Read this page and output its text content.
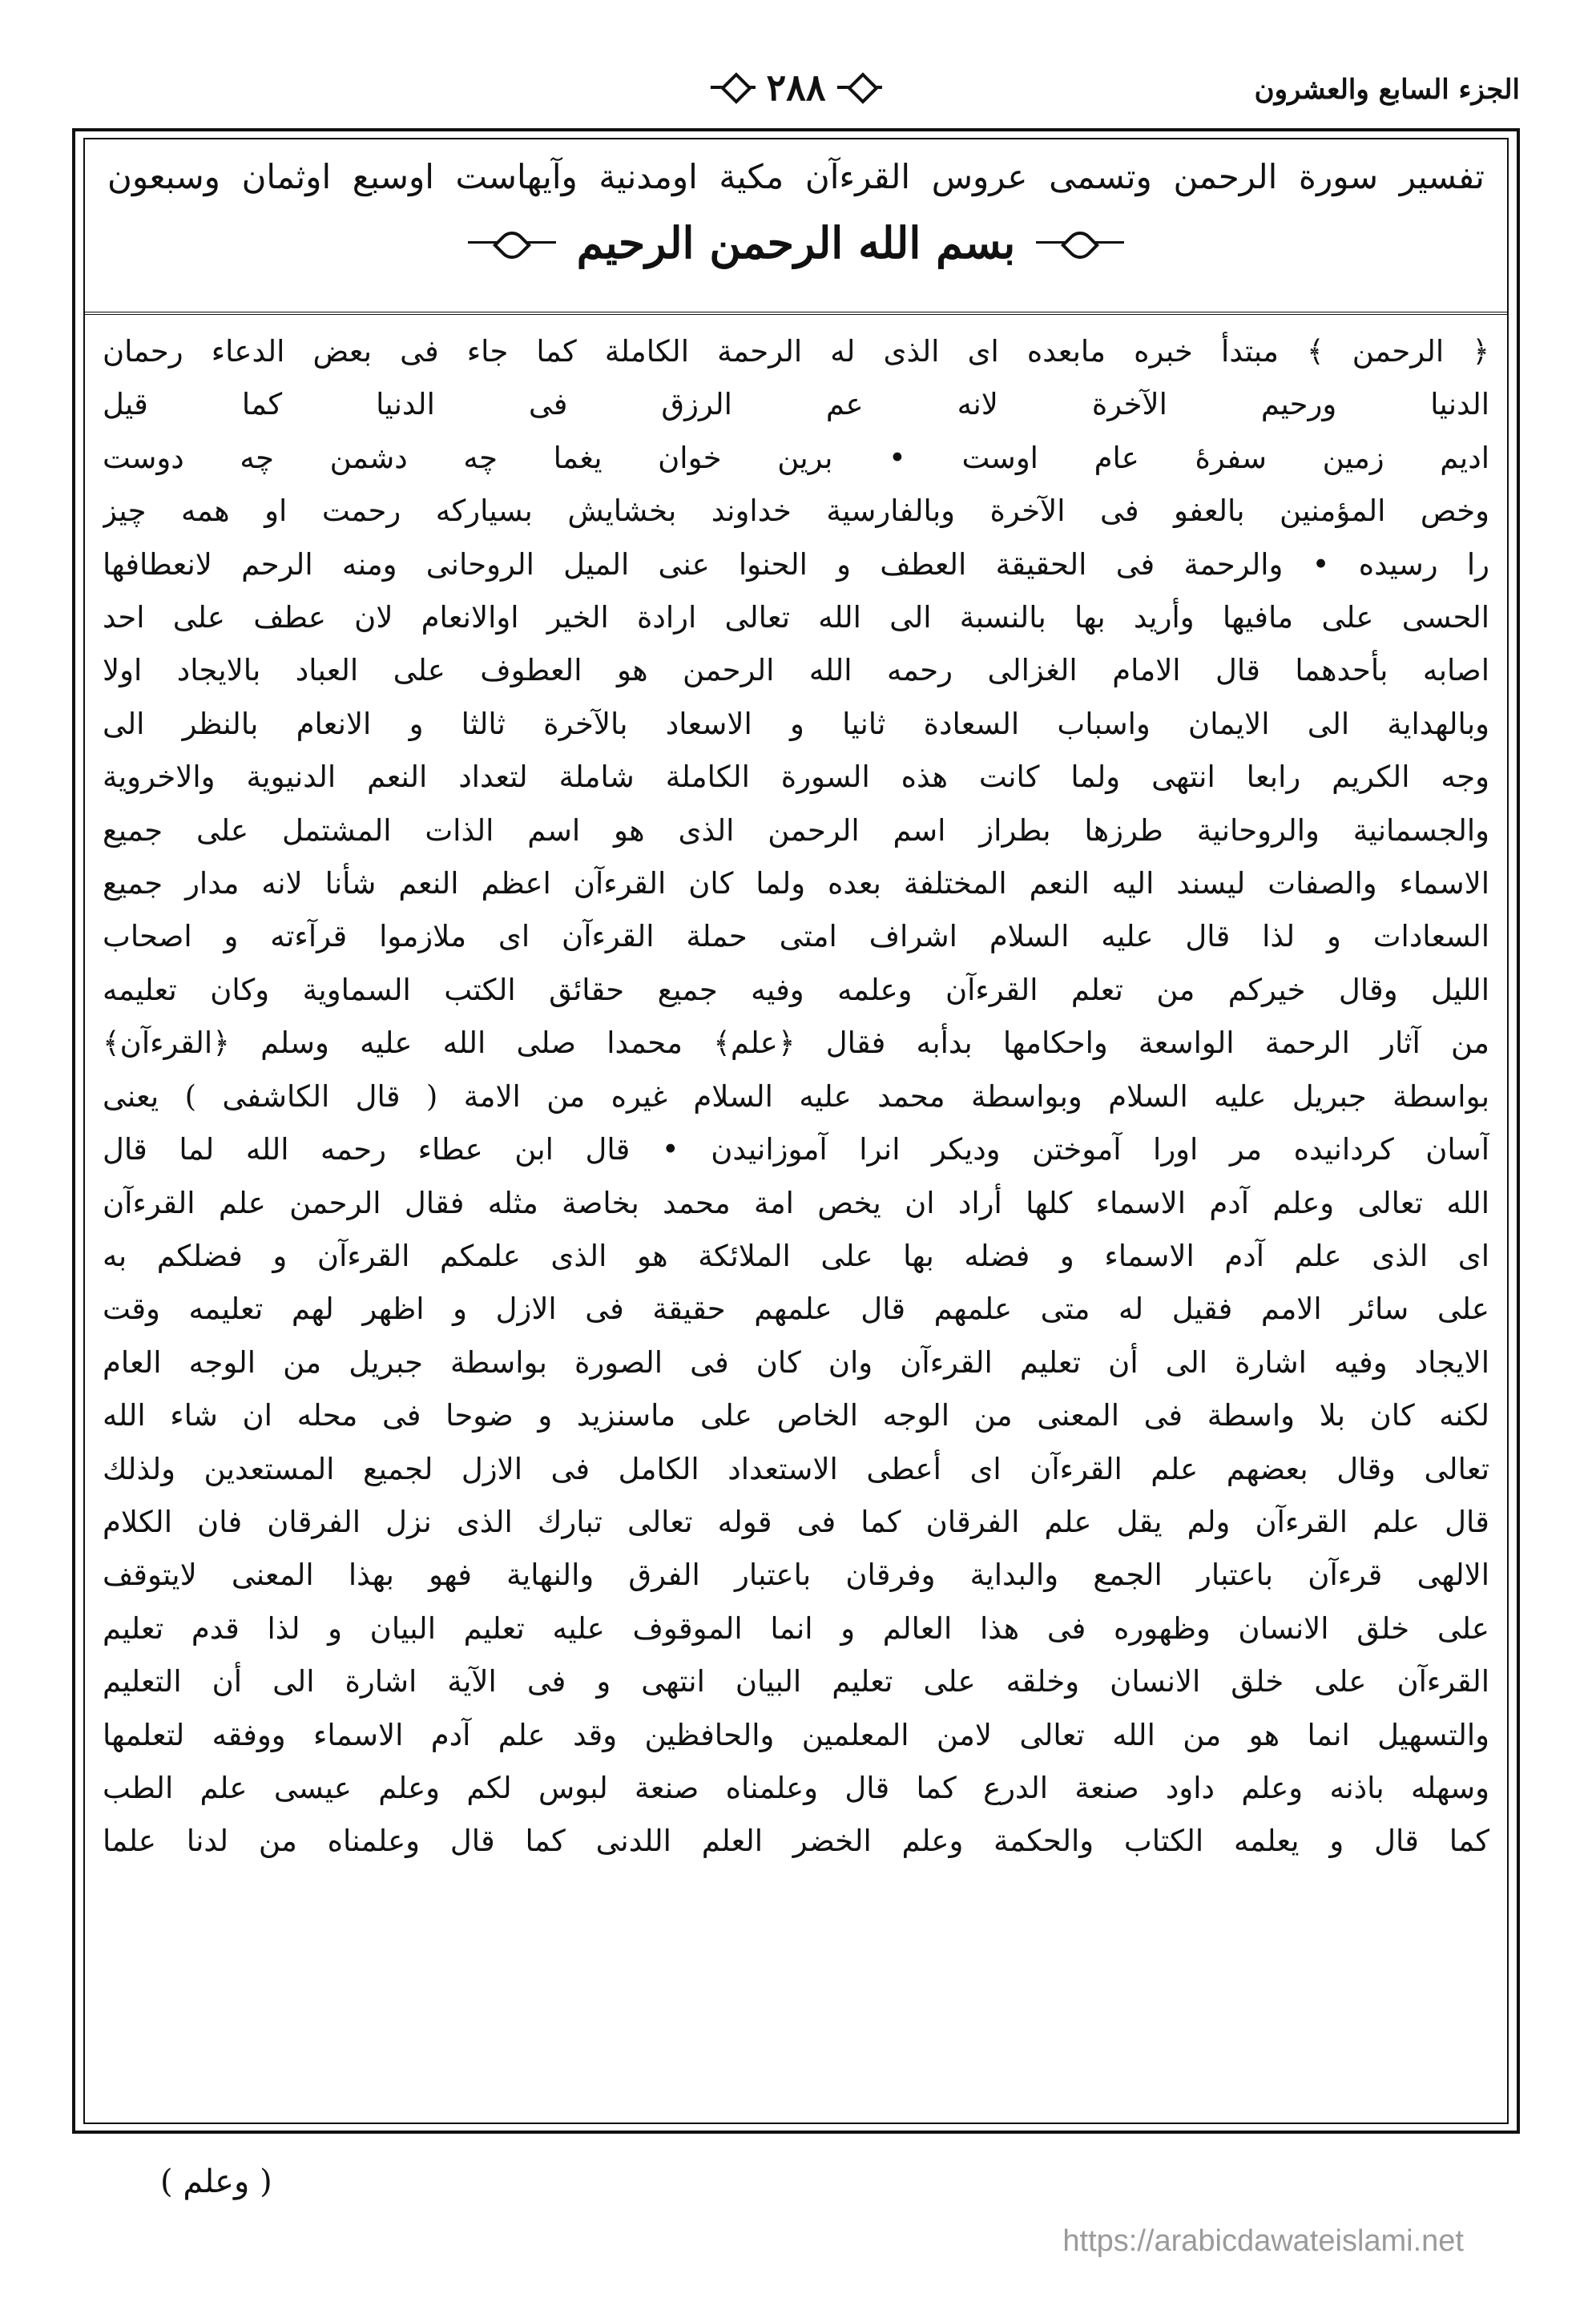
الجزء السابع والعشرون
٢٨٨
تفسير سورة الرحمن وتسمى عروس القرءآن مكية اومدنية وآيهاست اوسبع اوثمان وسبعون
بسم الله الرحمن الرحيم
﴿ الرحمن ﴾ مبتدأ خبره مابعده اى الذى له الرحمة الكاملة كما جاء فى بعض الدعاء رحمان
الدنيا ورحيم الآخرة لانه عم الرزق فى الدنيا كما قيل
اديم زمين سفرهٔ عام اوست • برين خوان يغما چه دشمن چه دوست
وخص المؤمنين بالعفو فى الآخرة وبالفارسية خداوند بخشايش بسياركه رحمت او همه چيز
را رسيده • والرحمة فى الحقيقة العطف و الحنوا عنى الميل الروحانى ومنه الرحم لانعطافها
الحسى على مافيها وأريد بها بالنسبة الى الله تعالى ارادة الخير اوالانعام لان عطف على احد
اصابه بأحدهما قال الامام الغزالى رحمه الله الرحمن هو العطوف على العباد بالايجاد اولا
وبالهداية الى الايمان واسباب السعادة ثانيا و الاسعاد بالآخرة ثالثا و الانعام بالنظر الى
وجه الكريم رابعا انتهى ولما كانت هذه السورة الكاملة شاملة لتعداد النعم الدنيوية والاخروية
والجسمانية والروحانية طرزها بطراز اسم الرحمن الذى هو اسم الذات المشتمل على جميع
الاسماء والصفات ليسند اليه النعم المختلفة بعده ولما كان القرءآن اعظم النعم شأنا لانه مدار جميع
السعادات و لذا قال عليه السلام اشراف امتى حملة القرءآن اى ملازموا قرآءته و اصحاب
الليل وقال خيركم من تعلم القرءآن وعلمه وفيه جميع حقائق الكتب السماوية وكان تعليمه
من آثار الرحمة الواسعة واحكامها بدأبه فقال ﴿علم﴾ محمدا صلى الله عليه وسلم ﴿القرءآن﴾
بواسطة جبريل عليه السلام وبواسطة محمد عليه السلام غيره من الامة ( قال الكاشفى ) يعنى
آسان كردانيده مر اورا آموختن وديكر انرا آموزانيدن • قال ابن عطاء رحمه الله لما قال
الله تعالى وعلم آدم الاسماء كلها أراد ان يخص امة محمد بخاصة مثله فقال الرحمن علم القرءآن
اى الذى علم آدم الاسماء و فضله بها على الملائكة هو الذى علمكم القرءآن و فضلكم به
على سائر الامم فقيل له متى علمهم قال علمهم حقيقة فى الازل و اظهر لهم تعليمه وقت
الايجاد وفيه اشارة الى أن تعليم القرءآن وان كان فى الصورة بواسطة جبريل من الوجه العام
لكنه كان بلا واسطة فى المعنى من الوجه الخاص على ماسنزيد و ضوحا فى محله ان شاء الله
تعالى وقال بعضهم علم القرءآن اى أعطى الاستعداد الكامل فى الازل لجميع المستعدين ولذلك
قال علم القرءآن ولم يقل علم الفرقان كما فى قوله تعالى تبارك الذى نزل الفرقان فان الكلام
الالهى قرءآن باعتبار الجمع والبداية وفرقان باعتبار الفرق والنهاية فهو بهذا المعنى لايتوقف
على خلق الانسان وظهوره فى هذا العالم و انما الموقوف عليه تعليم البيان و لذا قدم تعليم
القرءآن على خلق الانسان وخلقه على تعليم البيان انتهى و فى الآية اشارة الى أن التعليم
والتسهيل انما هو من الله تعالى لامن المعلمين والحافظين وقد علم آدم الاسماء ووفقه لتعلمها
وسهله باذنه وعلم داود صنعة الدرع كما قال وعلمناه صنعة لبوس لكم وعلم عيسى علم الطب
كما قال و يعلمه الكتاب والحكمة وعلم الخضر العلم اللدنى كما قال وعلمناه من لدنا علما
( وعلم )
https://arabicdawateislami.net
